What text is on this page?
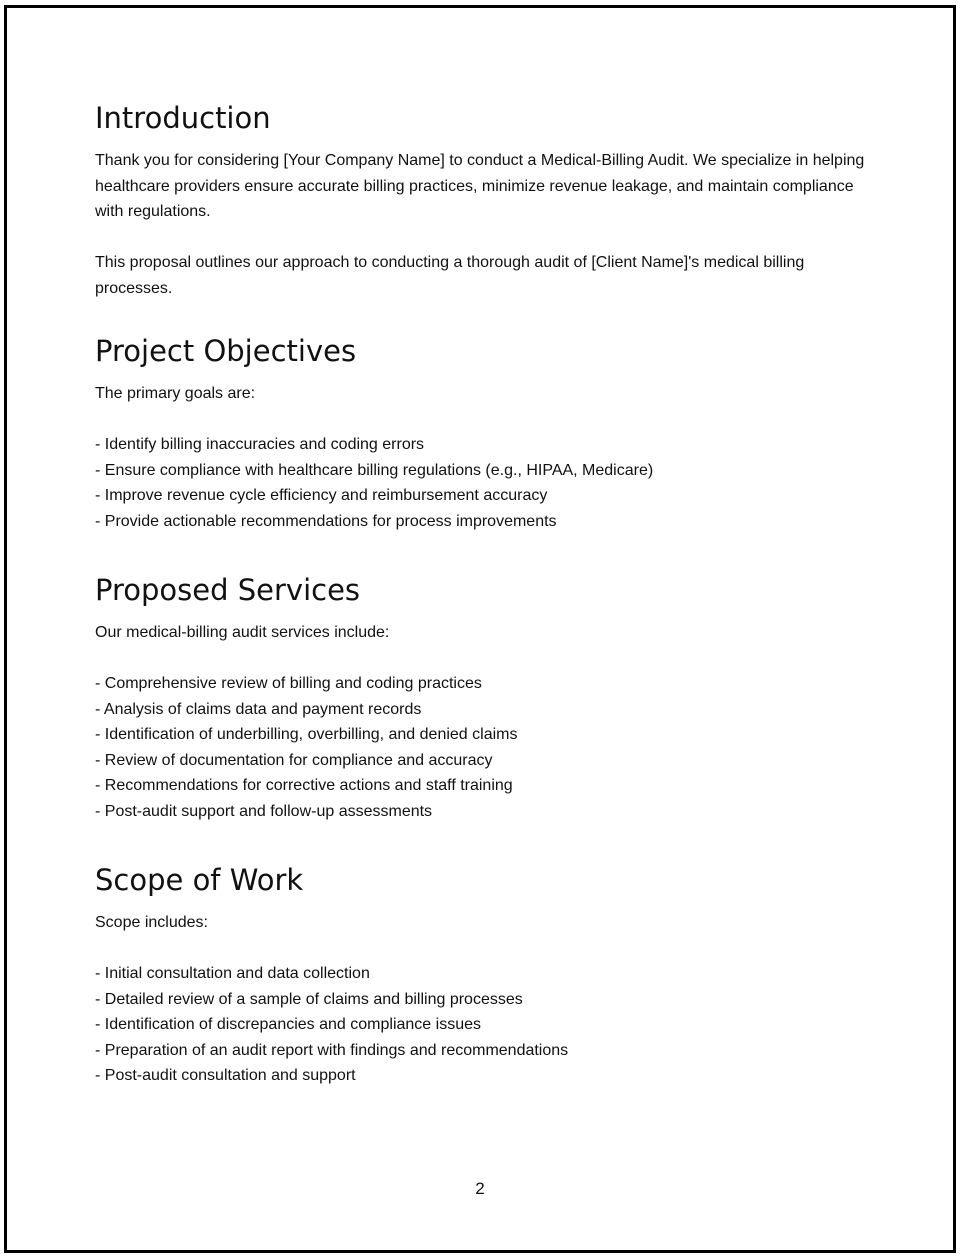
Introduction

Thank you for considering [Your Company Name] to conduct a Medical-Billing Audit. We specialize in helping healthcare providers ensure accurate billing practices, minimize revenue leakage, and maintain compliance with regulations.

This proposal outlines our approach to conducting a thorough audit of [Client Name]'s medical billing processes.

Project Objectives

The primary goals are:

- Identify billing inaccuracies and coding errors
- Ensure compliance with healthcare billing regulations (e.g., HIPAA, Medicare)
- Improve revenue cycle efficiency and reimbursement accuracy
- Provide actionable recommendations for process improvements
Proposed Services

Our medical-billing audit services include:

- Comprehensive review of billing and coding practices
- Analysis of claims data and payment records
- Identification of underbilling, overbilling, and denied claims
- Review of documentation for compliance and accuracy
- Recommendations for corrective actions and staff training
- Post-audit support and follow-up assessments
Scope of Work

Scope includes:

- Initial consultation and data collection
- Detailed review of a sample of claims and billing processes
- Identification of discrepancies and compliance issues
- Preparation of an audit report with findings and recommendations
- Post-audit consultation and support
2
